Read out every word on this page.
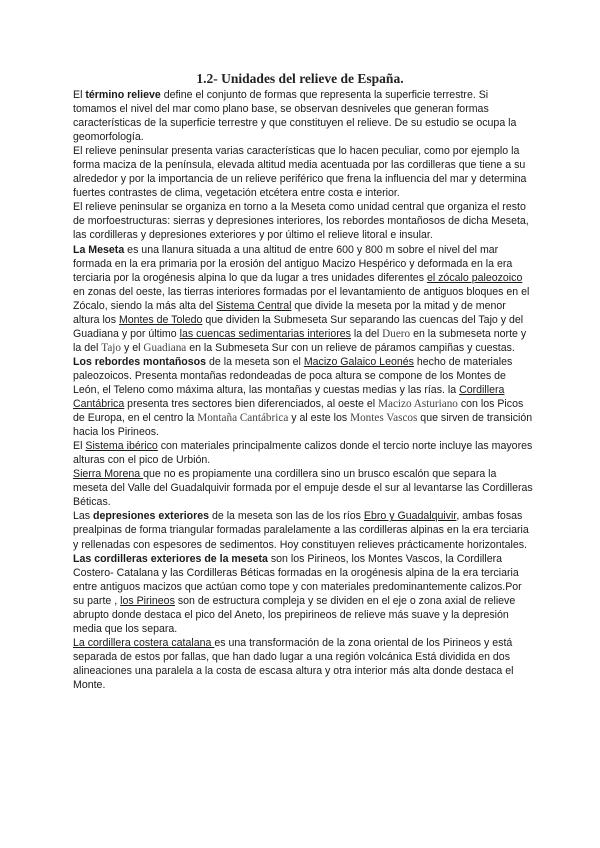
1.2- Unidades del relieve de España.

El término relieve define el conjunto de formas que representa la superficie terrestre. Si tomamos el nivel del mar como plano base, se observan desniveles que generan formas características de la superficie terrestre y que constituyen el relieve. De su estudio se ocupa la geomorfología.

El relieve peninsular presenta varias características que lo hacen peculiar, como por ejemplo la forma maciza de la península, elevada altitud media acentuada por las cordilleras que tiene a su alrededor y por la importancia de un relieve periférico que frena la influencia del mar y determina fuertes contrastes de clima, vegetación etcétera entre costa e interior.

El relieve peninsular se organiza en torno a la Meseta como unidad central que organiza el resto de morfoestructuras: sierras y depresiones interiores, los rebordes montañosos de dicha Meseta, las cordilleras y depresiones exteriores y por último el relieve litoral e insular.

La Meseta es una llanura situada a una altitud de entre 600 y 800 m sobre el nivel del mar formada en la era primaria por la erosión del antiguo Macizo Hespérico y deformada en la era terciaria por la orogénesis alpina lo que da lugar a tres unidades diferentes el zócalo paleozoico en zonas del oeste, las tierras interiores formadas por el levantamiento de antiguos bloques en el Zócalo, siendo la más alta del Sistema Central que divide la meseta por la mitad y de menor altura los Montes de Toledo que dividen la Submeseta Sur separando las cuencas del Tajo y del Guadiana y por último las cuencas sedimentarias interiores la del Duero en la submeseta norte y la del Tajo y el Guadiana en la Submeseta Sur con un relieve de páramos campiñas y cuestas.

Los rebordes montañosos de la meseta son el Macizo Galaico Leonés hecho de materiales paleozoicos. Presenta montañas redondeadas de poca altura se compone de los Montes de León, el Teleno como máxima altura, las montañas y cuestas medias y las rías. la Cordillera Cantábrica presenta tres sectores bien diferenciados, al oeste el Macizo Asturiano con los Picos de Europa, en el centro la Montaña Cantábrica y al este los Montes Vascos que sirven de transición hacia los Pirineos.

El Sistema ibérico con materiales principalmente calizos donde el tercio norte incluye las mayores alturas con el pico de Urbión.

Sierra Morena que no es propiamente una cordillera sino un brusco escalón que separa la meseta del Valle del Guadalquivir formada por el empuje desde el sur al levantarse las Cordilleras Béticas.

Las depresiones exteriores de la meseta son las de los ríos Ebro y Guadalquivir, ambas fosas prealpinas de forma triangular formadas paralelamente a las cordilleras alpinas en la era terciaria y rellenadas con espesores de sedimentos. Hoy constituyen relieves prácticamente horizontales.

Las cordilleras exteriores de la meseta son los Pirineos, los Montes Vascos, la Cordillera Costero- Catalana y las Cordilleras Béticas formadas en la orogénesis alpina de la era terciaria entre antiguos macizos que actúan como tope y con materiales predominantemente calizos.Por su parte , los Pirineos son de estructura compleja y se dividen en el eje o zona axial de relieve abrupto donde destaca el pico del Aneto, los prepirineos de relieve más suave y la depresión media que los separa.

La cordillera costera catalana es una transformación de la zona oriental de los Pirineos y está separada de estos por fallas, que han dado lugar a una región volcánica Está dividida en dos alineaciones una paralela a la costa de escasa altura y otra interior más alta donde destaca el Monte.
